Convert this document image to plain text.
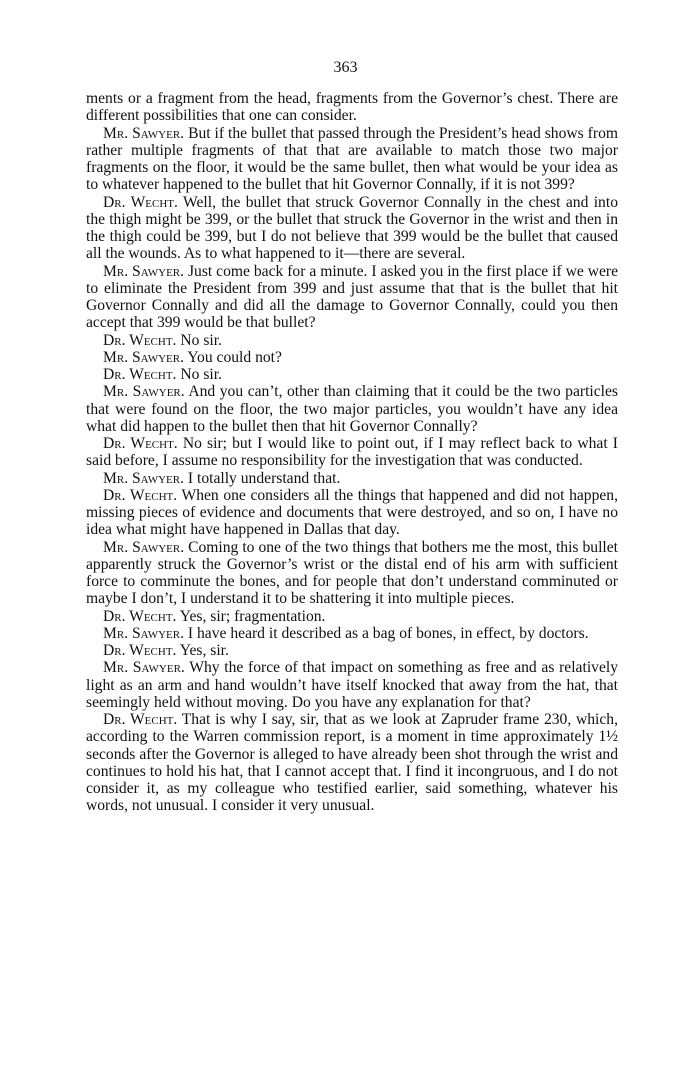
363

ments or a fragment from the head, fragments from the Governor’s chest. There are different possibilities that one can consider.

Mr. Sawyer. But if the bullet that passed through the President’s head shows from rather multiple fragments of that that are available to match those two major fragments on the floor, it would be the same bullet, then what would be your idea as to whatever happened to the bullet that hit Governor Connally, if it is not 399?

Dr. Wecht. Well, the bullet that struck Governor Connally in the chest and into the thigh might be 399, or the bullet that struck the Governor in the wrist and then in the thigh could be 399, but I do not believe that 399 would be the bullet that caused all the wounds. As to what happened to it—there are several.

Mr. Sawyer. Just come back for a minute. I asked you in the first place if we were to eliminate the President from 399 and just assume that that is the bullet that hit Governor Connally and did all the damage to Governor Connally, could you then accept that 399 would be that bullet?

Dr. Wecht. No sir.

Mr. Sawyer. You could not?

Dr. Wecht. No sir.

Mr. Sawyer. And you can’t, other than claiming that it could be the two particles that were found on the floor, the two major particles, you wouldn’t have any idea what did happen to the bullet then that hit Governor Connally?

Dr. Wecht. No sir; but I would like to point out, if I may reflect back to what I said before, I assume no responsibility for the investigation that was conducted.

Mr. Sawyer. I totally understand that.

Dr. Wecht. When one considers all the things that happened and did not happen, missing pieces of evidence and documents that were destroyed, and so on, I have no idea what might have happened in Dallas that day.

Mr. Sawyer. Coming to one of the two things that bothers me the most, this bullet apparently struck the Governor’s wrist or the distal end of his arm with sufficient force to comminute the bones, and for people that don’t understand comminuted or maybe I don’t, I understand it to be shattering it into multiple pieces.

Dr. Wecht. Yes, sir; fragmentation.

Mr. Sawyer. I have heard it described as a bag of bones, in effect, by doctors.

Dr. Wecht. Yes, sir.

Mr. Sawyer. Why the force of that impact on something as free and as relatively light as an arm and hand wouldn’t have itself knocked that away from the hat, that seemingly held without moving. Do you have any explanation for that?

Dr. Wecht. That is why I say, sir, that as we look at Zapruder frame 230, which, according to the Warren commission report, is a moment in time approximately 1½ seconds after the Governor is alleged to have already been shot through the wrist and continues to hold his hat, that I cannot accept that. I find it incongruous, and I do not consider it, as my colleague who testified earlier, said something, whatever his words, not unusual. I consider it very unusual.
